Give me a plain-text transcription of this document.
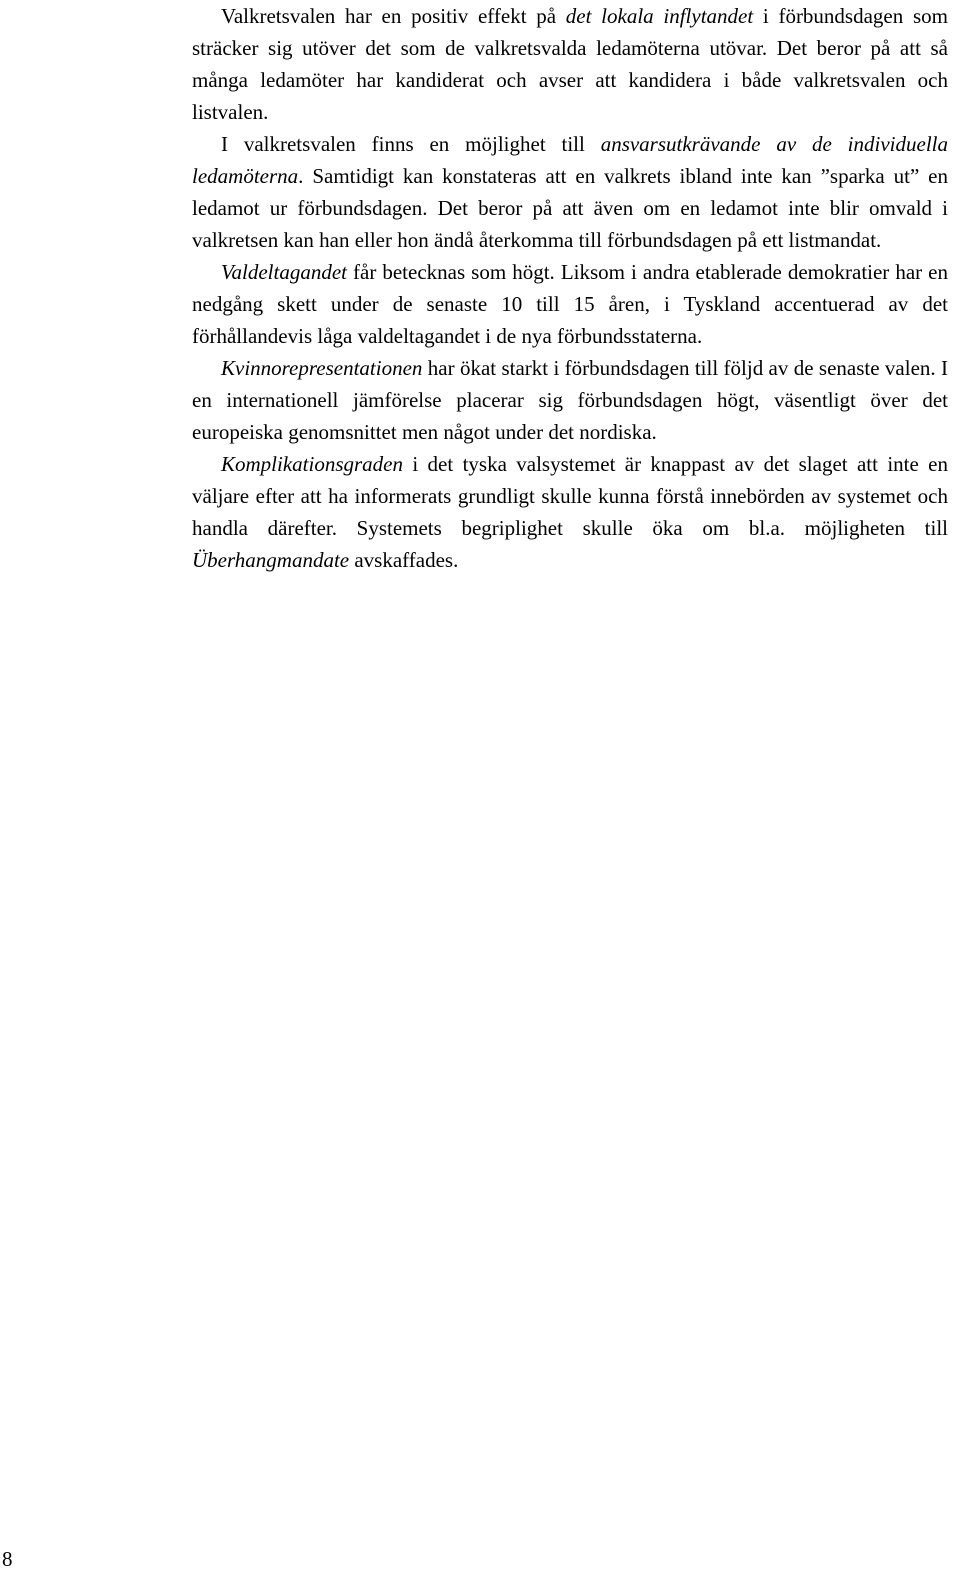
Valkretsvalen har en positiv effekt på det lokala inflytandet i förbundsdagen som sträcker sig utöver det som de valkretsvalda ledamöterna utövar. Det beror på att så många ledamöter har kandiderat och avser att kandidera i både valkretsvalen och listvalen.

I valkretsvalen finns en möjlighet till ansvarsutkrävande av de individuella ledamöterna. Samtidigt kan konstateras att en valkrets ibland inte kan ”sparka ut” en ledamot ur förbundsdagen. Det beror på att även om en ledamot inte blir omvald i valkretsen kan han eller hon ändå återkomma till förbundsdagen på ett listmandat.

Valdeltagandet får betecknas som högt. Liksom i andra etablerade demokratier har en nedgång skett under de senaste 10 till 15 åren, i Tyskland accentuerad av det förhållandevis låga valdeltagandet i de nya förbundsstaterna.

Kvinnorepresentationen har ökat starkt i förbundsdagen till följd av de senaste valen. I en internationell jämförelse placerar sig förbundsdagen högt, väsentligt över det europeiska genomsnittet men något under det nordiska.

Komplikationsgraden i det tyska valsystemet är knappast av det slaget att inte en väljare efter att ha informerats grundligt skulle kunna förstå innebörden av systemet och handla därefter. Systemets begriplighet skulle öka om bl.a. möjligheten till Überhangmandate avskaffades.

8
